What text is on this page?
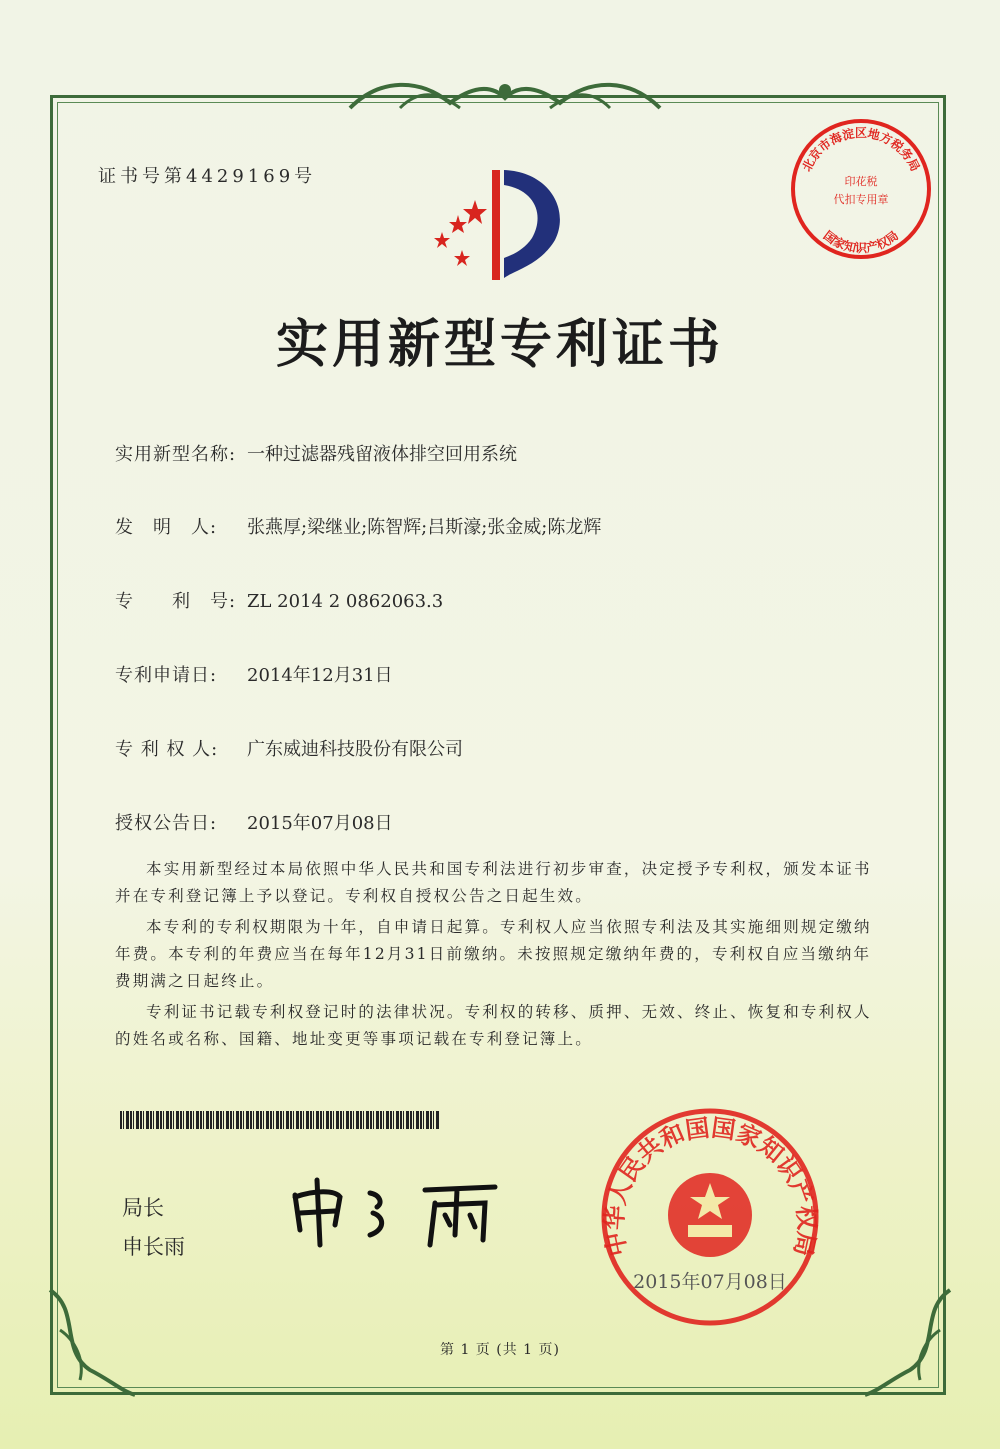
证书号第4429169号
北京市海淀区地方税务局
国家知识产权局
印花税
代扣专用章
实用新型专利证书
实用新型名称: 一种过滤器残留液体排空回用系统
发　明　人: 张燕厚;梁继业;陈智辉;吕斯濠;张金威;陈龙辉
专　　利　号: ZL 2014 2 0862063.3
专利申请日: 2014年12月31日
专 利 权 人: 广东威迪科技股份有限公司
授权公告日: 2015年07月08日

本实用新型经过本局依照中华人民共和国专利法进行初步审查，决定授予专利权，颁发本证书并在专利登记簿上予以登记。专利权自授权公告之日起生效。

本专利的专利权期限为十年，自申请日起算。专利权人应当依照专利法及其实施细则规定缴纳年费。本专利的年费应当在每年12月31日前缴纳。未按照规定缴纳年费的，专利权自应当缴纳年费期满之日起终止。

专利证书记载专利权登记时的法律状况。专利权的转移、质押、无效、终止、恢复和专利权人的姓名或名称、国籍、地址变更等事项记载在专利登记簿上。

局长
申长雨	中华人民共和国国家知识产权局
2015年07月08日
第 1 页 (共 1 页)
